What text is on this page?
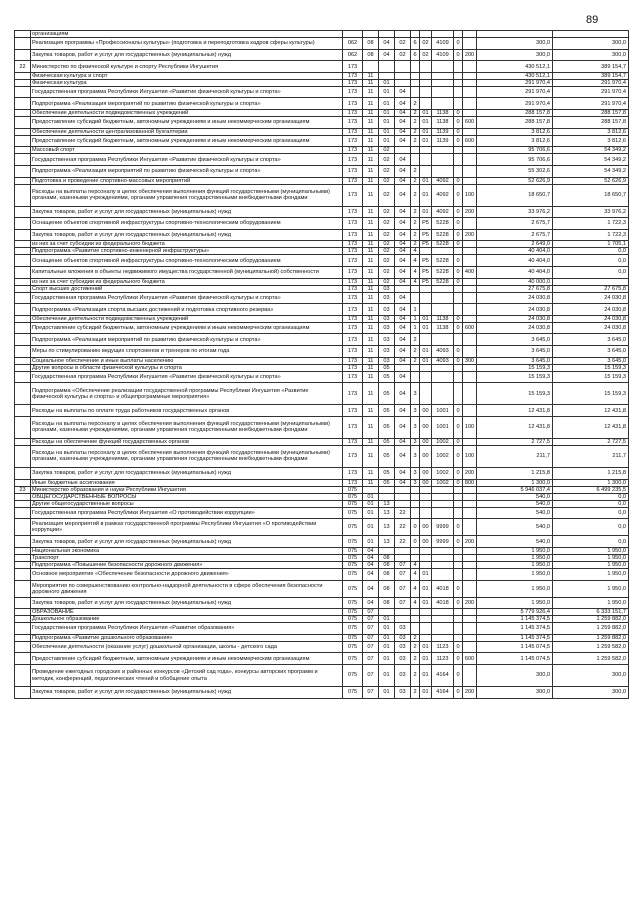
89
	организациям											
	Реализация программы «Профессионалы культуры» (подготовка и переподготовка кадров сферы культуры)	062	08	04	02	6	02	4109	0		300,0	300,0
	Закупка товаров, работ и услуг для государственных (муниципальных) нужд	062	08	04	02	6	02	4109	0	200	300,0	300,0
22	Министерство по физической культуре и спорту Республики Ингушетия	173									430 512,1	389 154,7
	Физическая культура и спорт	173	11								430 512,1	389 154,7
	Физическая культура	173	11	01							291 970,4	291 970,4
	Государственная программа Республики Ингушетия «Развитие физической культуры и спорта»	173	11	01	04						291 970,4	291 970,4
	Подпрограмма «Реализация мероприятий по развитию физической культуры и спорта»	173	11	01	04	2					291 970,4	291 970,4
	Обеспечение деятельности подведомственных учреждений	173	11	01	04	2	01	1138	0		288 157,8	288 157,8
	Предоставление субсидий бюджетным, автономным учреждениям и иным некоммерческим организациям	173	11	01	04	2	01	1138	0	600	288 157,8	288 157,8
	Обеспечение деятельности централизованной бухгалтерии	173	11	01	04	2	01	1139	0		3 812,6	3 812,6
	Предоставление субсидий бюджетным, автономным учреждениям и иным некоммерческим организациям	173	11	01	04	2	01	1139	0	600	3 812,6	3 812,6
	Массовый спорт	173	11	02							95 706,6	54 349,2
	Государственная программа Республики Ингушетия «Развитие физической культуры и спорта»	173	11	02	04						95 706,6	54 349,2
	Подпрограмма «Реализация мероприятий по развитию физической культуры и спорта»	173	11	02	04	2					55 302,6	54 349,2
	Подготовка и проведение спортивно-массовых мероприятий	173	11	02	04	2	01	4092	0		52 626,9	52 626,9
	Расходы на выплаты персоналу в целях обеспечения выполнения функций государственными (муниципальными) органами, казенными учреждениями, органами управления государственными внебюджетными фондами	173	11	02	04	2	01	4092	0	100	18 650,7	18 650,7
	Закупка товаров, работ и услуг для государственных (муниципальных) нужд	173	11	02	04	2	01	4092	0	200	33 976,2	33 976,2
	Оснащение объектов спортивной инфраструктуры спортивно-технологическим оборудованием	173	11	02	04	2	P5	5228	0		2 675,7	1 722,3
	Закупка товаров, работ и услуг для государственных (муниципальных) нужд	173	11	02	04	2	P5	5228	0	200	2 675,7	1 722,3
	из них за счет субсидии из федерального бюджета	173	11	02	04	2	P5	5228	0		2 649,0	1 705,1
	Подпрограмма «Развитие спортивно-инженерной инфраструктуры»	173	11	02	04	4					40 404,0	0,0
	Оснащение объектов спортивной инфраструктуры спортивно-технологическим оборудованием	173	11	02	04	4	P5	5228	0		40 404,0	0,0
	Капитальные вложения в объекты недвижимого имущества государственной (муниципальной) собственности	173	11	02	04	4	P5	5228	0	400	40 404,0	0,0
	из них за счет субсидии из федерального бюджета	173	11	02	04	4	P5	5228	0		40 000,0	
	Спорт высших достижений	173	11	03							27 675,8	27 675,8
	Государственная программа Республики Ингушетия «Развитие физической культуры и спорта»	173	11	03	04						24 030,8	24 030,8
	Подпрограмма «Реализация спорта высших достижений и подготовка спортивного резерва»	173	11	03	04	1					24 030,8	24 030,8
	Обеспечение деятельности подведомственных учреждений	173	11	03	04	1	01	1138	0		24 030,8	24 030,8
	Предоставление субсидий бюджетным, автономным учреждениям и иным некоммерческим организациям	173	11	03	04	1	01	1138	0	600	24 030,8	24 030,8
	Подпрограмма «Реализация мероприятий по развитию физической культуры и спорта»	173	11	03	04	2					3 645,0	3 645,0
	Меры по стимулированию ведущих спортсменов и тренеров по итогам года	173	11	03	04	2	01	4093	0		3 645,0	3 645,0
	Социальное обеспечение и иные выплаты населению	173	11	03	04	2	01	4093	0	300	3 645,0	3 645,0
	Другие вопросы в области физической культуры и спорта	173	11	05							15 159,3	15 159,3
	Государственная программа Республики Ингушетия «Развитие физической культуры и спорта»	173	11	05	04						15 159,3	15 159,3
	Подпрограмма «Обеспечение реализации государственной программы Республики Ингушетия «Развитие физической культуры и спорта» и общепрограммные мероприятия»	173	11	05	04	3					15 159,3	15 159,3
	Расходы на выплаты по оплате труда работников государственных органов	173	11	05	04	3	00	1001	0		12 431,8	12 431,8
	Расходы на выплаты персоналу в целях обеспечения выполнения функций государственными (муниципальными) органами, казенными учреждениями, органами управления государственными внебюджетными фондами	173	11	05	04	3	00	1001	0	100	12 431,8	12 431,8
	Расходы на обеспечение функций государственных органов	173	11	05	04	3	00	1002	0		2 727,5	2 727,5
	Расходы на выплаты персоналу в целях обеспечения выполнения функций государственными (муниципальными) органами, казенными учреждениями, органами управления государственными внебюджетными фондами	173	11	05	04	3	00	1002	0	100	211,7	211,7
	Закупка товаров, работ и услуг для государственных (муниципальных) нужд	173	11	05	04	3	00	1002	0	200	1 215,8	1 215,8
	Иные бюджетные ассигнования	173	11	05	04	3	00	1002	0	800	1 300,0	1 300,0
23	Министерство образования и науки Республики Ингушетия	075									5 946 037,4	6 499 235,5
	ОБЩЕГОСУДАРСТВЕННЫЕ ВОПРОСЫ	075	01								540,0	0,0
	Другие общегосударственные вопросы	075	01	13							540,0	0,0
	Государственная программа Республики Ингушетия «О противодействии коррупции»	075	01	13	22						540,0	0,0
	Реализация мероприятий в рамках государственной программы Республики Ингушетия «О противодействии коррупции»	075	01	13	22	0	00	9999	0		540,0	0,0
	Закупка товаров, работ и услуг для государственных (муниципальных) нужд	075	01	13	22	0	00	9999	0	200	540,0	0,0
	Национальная экономика	075	04								1 950,0	1 950,0
	Транспорт	075	04	08							1 950,0	1 950,0
	Подпрограмма «Повышение безопасности дорожного движения»	075	04	08	07	4					1 950,0	1 950,0
	Основное мероприятие «Обеспечение безопасности дорожного движения»	075	04	08	07	4	01				1 950,0	1 950,0
	Мероприятия по совершенствованию контрольно-надзорной деятельности в сфере обеспечения безопасности дорожного движения	075	04	08	07	4	01	4018	0		1 950,0	1 950,0
	Закупка товаров, работ и услуг для государственных (муниципальных) нужд	075	04	08	07	4	01	4018	0	200	1 950,0	1 950,0
	ОБРАЗОВАНИЕ	075	07								5 779 926,4	6 333 151,7
	Дошкольное образование	075	07	01							1 145 374,5	1 259 882,0
	Государственная программа Республики Ингушетия «Развитие образования»	075	07	01	03						1 145 374,5	1 259 882,0
	Подпрограмма «Развитие дошкольного образования»	075	07	01	03	2					1 145 374,5	1 259 882,0
	Обеспечение деятельности (оказание услуг) дошкольной организации, школы - детского сада	075	07	01	03	2	01	1123	0		1 145 074,5	1 259 582,0
	Предоставление субсидий бюджетным, автономным учреждениям и иным некоммерческим организациям	075	07	01	03	2	01	1123	0	600	1 145 074,5	1 259 582,0
	Проведение ежегодных городских и районных конкурсов «Детский сад года», конкурсы авторских программ и методик, конференций, педагогических чтений и обобщение опыта	075	07	01	03	2	01	4164	0		300,0	300,0
	Закупка товаров, работ и услуг для государственных (муниципальных) нужд	075	07	01	03	2	01	4164	0	200	300,0	300,0
